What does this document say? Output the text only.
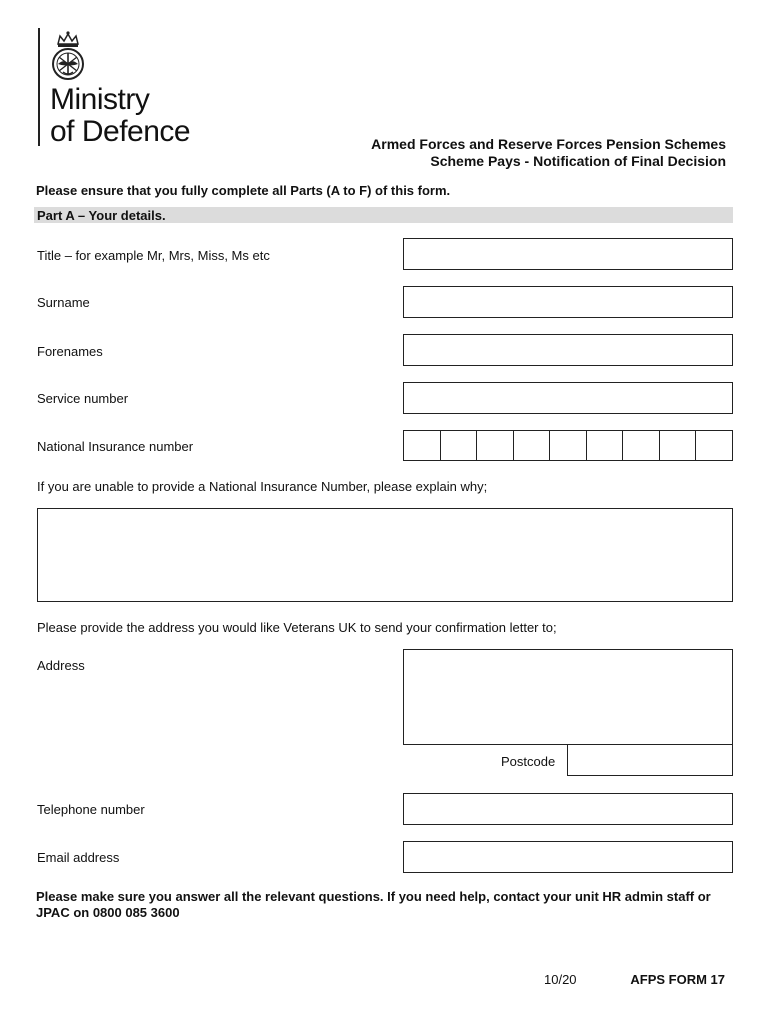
Ministry
of Defence	Armed Forces and Reserve Forces Pension Schemes
Scheme Pays - Notification of Final Decision
Please ensure that you fully complete all Parts (A to F) of this form.
Part A – Your details.
Title – for example Mr, Mrs, Miss, Ms etc
Surname
Forenames
Service number
National Insurance number
If you are unable to provide a National Insurance Number, please explain why;
Please provide the address you would like Veterans UK to send your confirmation letter to;
Address
Postcode
Telephone number
Email address
Please make sure you answer all the relevant questions. If you need help, contact your unit HR admin staff or JPAC on 0800 085 3600
10/20	AFPS FORM 17
